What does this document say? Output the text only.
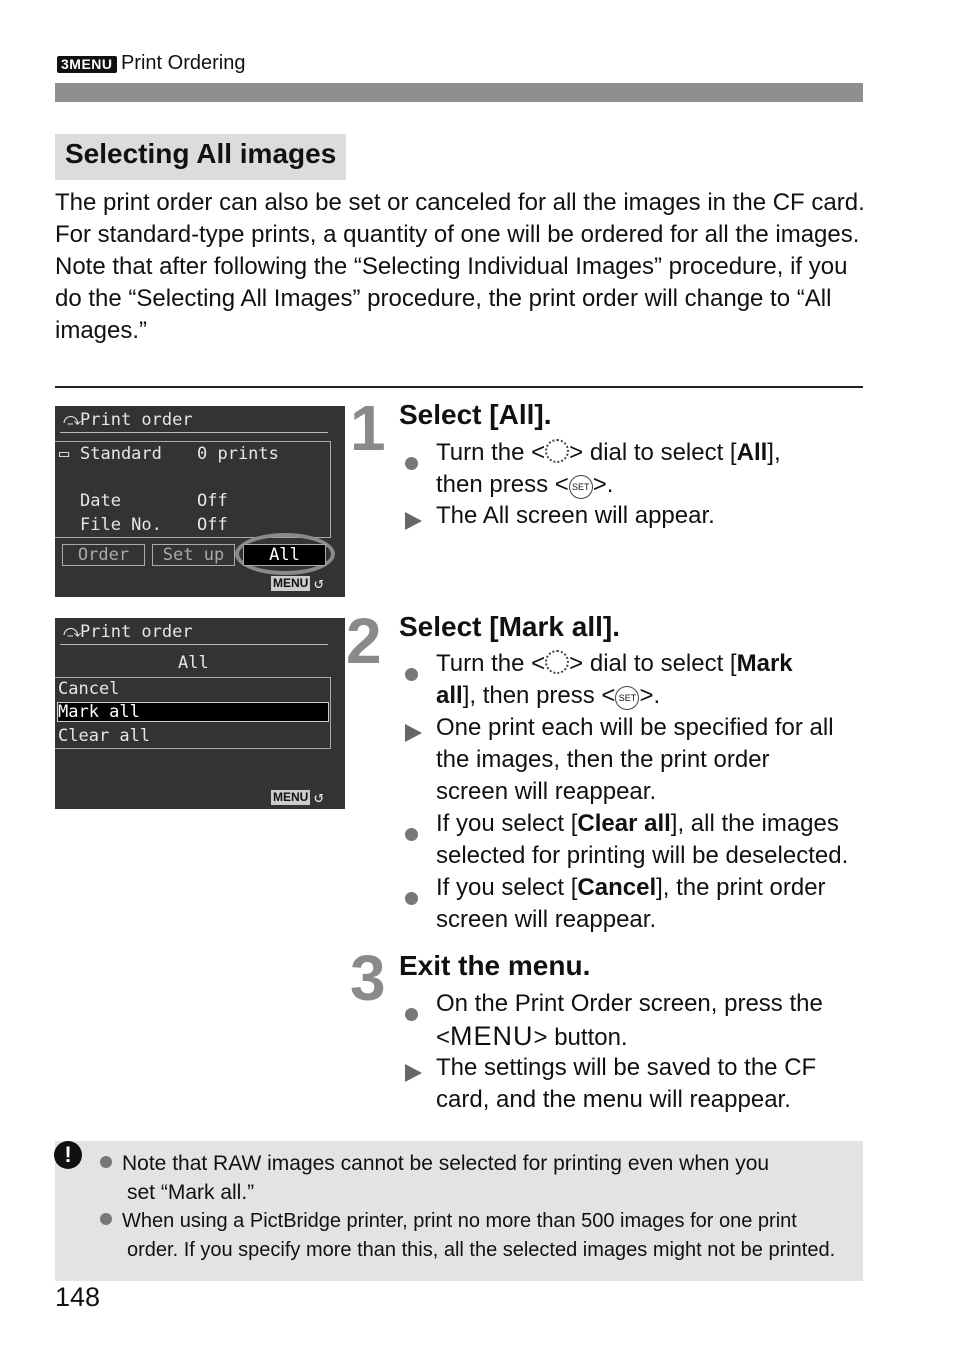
3MENU Print Ordering
Selecting All images

The print order can also be set or canceled for all the images in the CF card. For standard-type prints, a quantity of one will be ordered for all the images.

Note that after following the “Selecting Individual Images” procedure, if you do the “Selecting All Images” procedure, the print order will change to “All images.”

⤼
Print order
▭ Standard 0 prints
Date	Off
File No. Off
Order	Set up	All
MENU ↺
⤼
Print order
All
Cancel
Mark all
Clear all
MENU ↺
1 Select [All].
Turn the < > dial to select [All],
then press < SET >.
The All screen will appear.
2 Select [Mark all].
Turn the < > dial to select [Mark
all], then press < SET >.
One print each will be specified for all
the images, then the print order
screen will reappear.
If you select [Clear all], all the images
selected for printing will be deselected.
If you select [Cancel], the print order
screen will reappear.
3 Exit the menu.
On the Print Order screen, press the
<MENU> button.
The settings will be saved to the CF
card, and the menu will reappear.
!	Note that RAW images cannot be selected for printing even when you
set “Mark all.”
When using a PictBridge printer, print no more than 500 images for one print
order. If you specify more than this, all the selected images might not be printed.
148
